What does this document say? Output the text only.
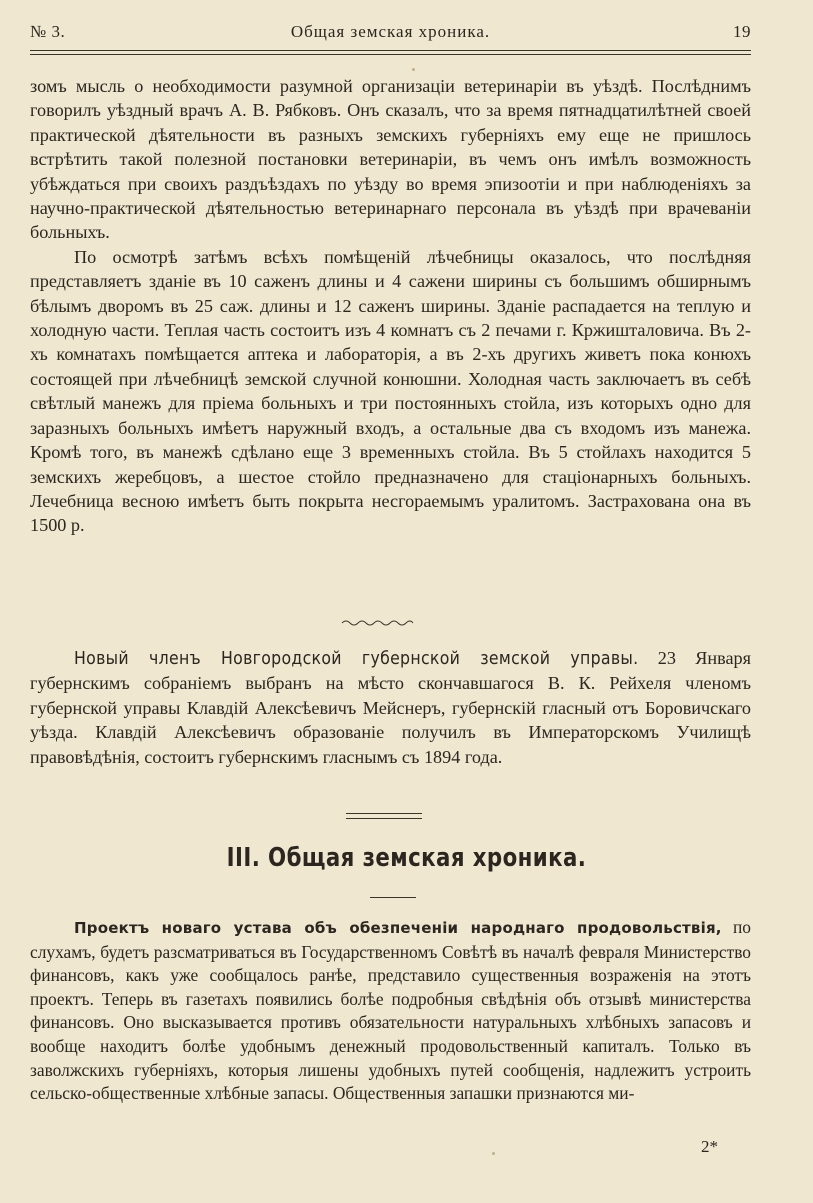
№ 3.	Общая земская хроника.	19

зомъ мысль о необходимости разумной организаціи ветеринаріи въ уѣздѣ. Послѣднимъ говорилъ уѣздный врачъ А. В. Рябковъ. Онъ сказалъ, что за время пятнадцатилѣтней своей практической дѣятельности въ разныхъ земскихъ губерніяхъ ему еще не пришлось встрѣтить такой полезной постановки ветеринаріи, въ чемъ онъ имѣлъ возможность убѣждаться при своихъ раздъѣздахъ по уѣзду во время эпизоотіи и при наблюденіяхъ за научно-практической дѣятельностью ветеринарнаго персонала въ уѣздѣ при врачеваніи больныхъ.

По осмотрѣ затѣмъ всѣхъ помѣщеній лѣчебницы оказалось, что послѣдняя представляетъ зданіе въ 10 саженъ длины и 4 сажени ширины съ большимъ обширнымъ бѣлымъ дворомъ въ 25 саж. длины и 12 саженъ ширины. Зданіе распадается на теплую и холодную части. Теплая часть состоитъ изъ 4 комнатъ съ 2 печами г. Кржишталовича. Въ 2-хъ комнатахъ помѣщается аптека и лабораторія, а въ 2-хъ другихъ живетъ пока конюхъ состоящей при лѣчебницѣ земской случной конюшни. Холодная часть заключаетъ въ себѣ свѣтлый манежъ для пріема больныхъ и три постоянныхъ стойла, изъ которыхъ одно для заразныхъ больныхъ имѣетъ наружный входъ, а остальные два съ входомъ изъ манежа. Кромѣ того, въ манежѣ сдѣлано еще 3 временныхъ стойла. Въ 5 стойлахъ находится 5 земскихъ жеребцовъ, а шестое стойло предназначено для стаціонарныхъ больныхъ. Лечебница весною имѣетъ быть покрыта несгораемымъ уралитомъ. Застрахована она въ 1500 р.

Новый членъ Новгородской губернской земской управы. 23 Января губернскимъ собраніемъ выбранъ на мѣсто скончавшагося В. К. Рейхеля членомъ губернской управы Клавдій Алексѣевичъ Мейснеръ, губернскій гласный отъ Боровичскаго уѣзда. Клавдій Алексѣевичъ образованіе получилъ въ Императорскомъ Училищѣ правовѣдѣнія, состоитъ губернскимъ гласнымъ съ 1894 года.

III. Общая земская хроника.

Проектъ новаго устава объ обезпеченіи народнаго продовольствія, по слухамъ, будетъ разсматриваться въ Государственномъ Совѣтѣ въ началѣ февраля Министерство финансовъ, какъ уже сообщалось ранѣе, представило существенныя возраженія на этотъ проектъ. Теперь въ газетахъ появились болѣе подробныя свѣдѣнія объ отзывѣ министерства финансовъ. Оно высказывается противъ обязательности натуральныхъ хлѣбныхъ запасовъ и вообще находитъ болѣе удобнымъ денежный продовольственный капиталъ. Только въ заволжскихъ губерніяхъ, которыя лишены удобныхъ путей сообщенія, надлежитъ устроить сельско-общественные хлѣбные запасы. Общественныя запашки признаются ми-

2*
